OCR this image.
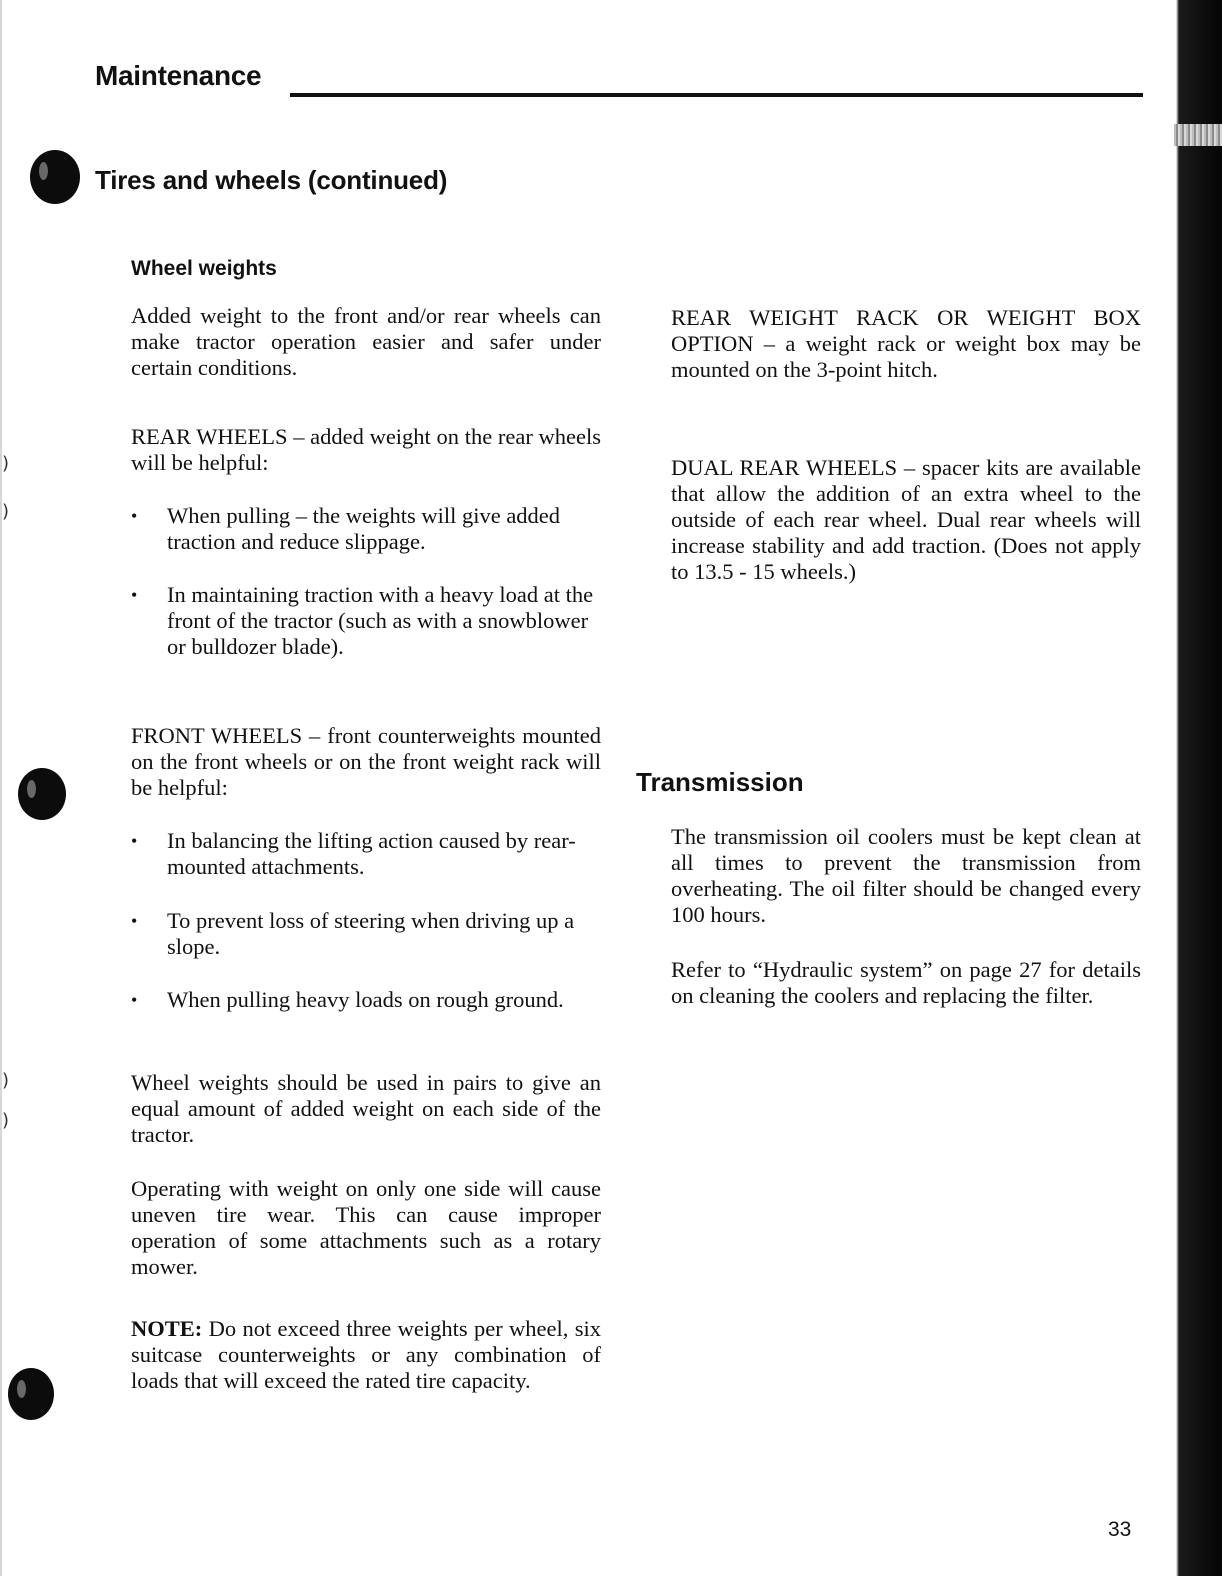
)
)
)
)
Maintenance
Tires and wheels (continued)
Wheel weights

Added weight to the front and/or rear wheels can make tractor operation easier and safer under certain conditions.

REAR WHEELS – added weight on the rear wheels will be helpful:

• When pulling – the weights will give added traction and reduce slippage.
• In maintaining traction with a heavy load at the front of the tractor (such as with a snowblower or bulldozer blade).

FRONT WHEELS – front counterweights mounted on the front wheels or on the front weight rack will be helpful:

• In balancing the lifting action caused by rear-mounted attachments.
• To prevent loss of steering when driving up a slope.
• When pulling heavy loads on rough ground.

Wheel weights should be used in pairs to give an equal amount of added weight on each side of the tractor.

Operating with weight on only one side will cause uneven tire wear. This can cause improper operation of some attachments such as a rotary mower.

NOTE: Do not exceed three weights per wheel, six suitcase counterweights or any combination of loads that will exceed the rated tire capacity.

REAR WEIGHT RACK OR WEIGHT BOX OPTION – a weight rack or weight box may be mounted on the 3-point hitch.

DUAL REAR WHEELS – spacer kits are available that allow the addition of an extra wheel to the outside of each rear wheel. Dual rear wheels will increase stability and add traction. (Does not apply to 13.5 - 15 wheels.)

Transmission

The transmission oil coolers must be kept clean at all times to prevent the transmission from overheating. The oil filter should be changed every 100 hours.

Refer to “Hydraulic system” on page 27 for details on cleaning the coolers and replacing the filter.

33
